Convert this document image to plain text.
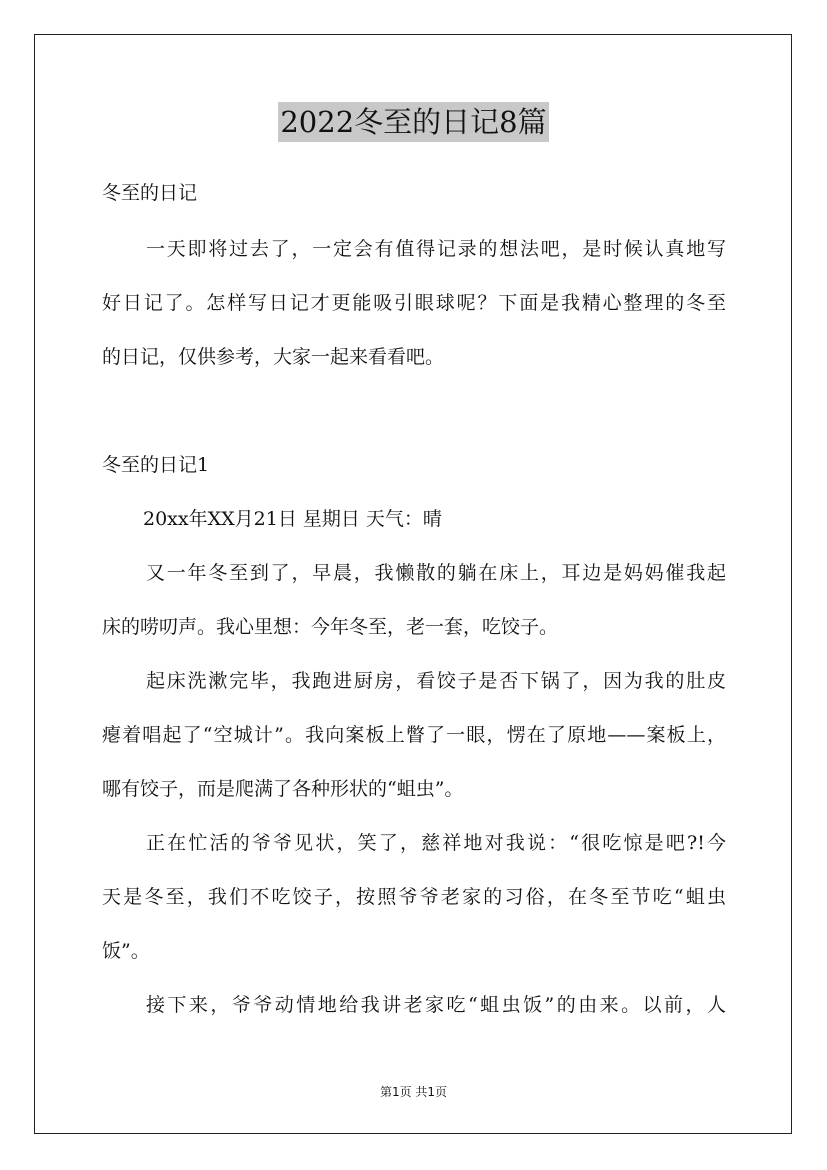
2022冬至的日记8篇
冬至的日记
一天即将过去了，一定会有值得记录的想法吧，是时候认真地写
好日记了。怎样写日记才更能吸引眼球呢？下面是我精心整理的冬至
的日记，仅供参考，大家一起来看看吧。
冬至的日记1
20xx年XX月21日 星期日 天气：晴
又一年冬至到了，早晨，我懒散的躺在床上，耳边是妈妈催我起
床的唠叨声。我心里想：今年冬至，老一套，吃饺子。
起床洗漱完毕，我跑进厨房，看饺子是否下锅了，因为我的肚皮
瘪着唱起了“空城计”。我向案板上瞥了一眼，愣在了原地——案板上，
哪有饺子，而是爬满了各种形状的“蛆虫”。
正在忙活的爷爷见状，笑了，慈祥地对我说：“很吃惊是吧?!今
天是冬至，我们不吃饺子，按照爷爷老家的习俗，在冬至节吃“蛆虫
饭”。
接下来，爷爷动情地给我讲老家吃“蛆虫饭”的由来。以前，人
第1页 共1页
